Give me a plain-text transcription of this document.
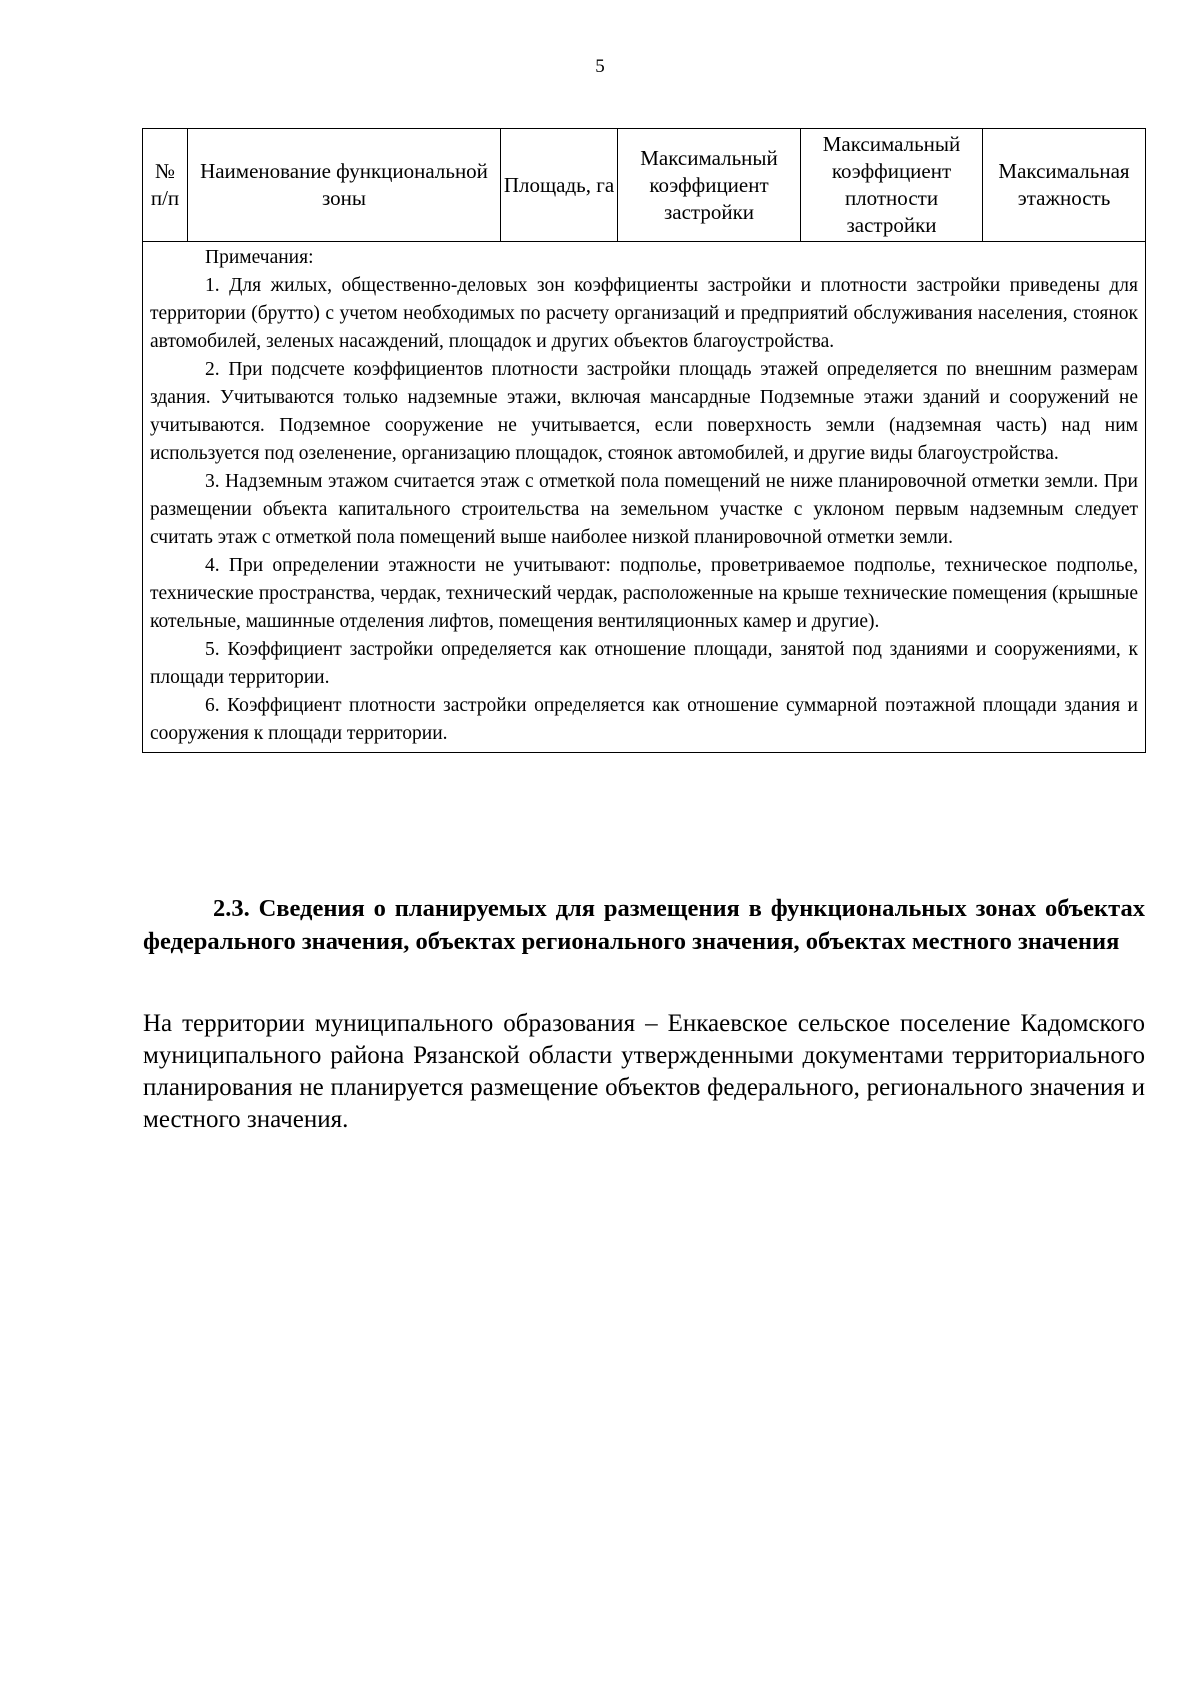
5
№ п/п	Наименование функциональной зоны	Площадь, га	Максимальный коэффициент застройки	Максимальный коэффициент плотности застройки	Максимальная этажность

Примечания:

1. Для жилых, общественно-деловых зон коэффициенты застройки и плотности застройки приведены для территории (брутто) с учетом необходимых по расчету организаций и предприятий обслуживания населения, стоянок автомобилей, зеленых насаждений, площадок и других объектов благоустройства.

2. При подсчете коэффициентов плотности застройки площадь этажей определяется по внешним размерам здания. Учитываются только надземные этажи, включая мансардные Подземные этажи зданий и сооружений не учитываются. Подземное сооружение не учитывается, если поверхность земли (надземная часть) над ним используется под озеленение, организацию площадок, стоянок автомобилей, и другие виды благоустройства.

3. Надземным этажом считается этаж с отметкой пола помещений не ниже планировочной отметки земли. При размещении объекта капитального строительства на земельном участке с уклоном первым надземным следует считать этаж с отметкой пола помещений выше наиболее низкой планировочной отметки земли.

4. При определении этажности не учитывают: подполье, проветриваемое подполье, техническое подполье, технические пространства, чердак, технический чердак, расположенные на крыше технические помещения (крышные котельные, машинные отделения лифтов, помещения вентиляционных камер и другие).

5. Коэффициент застройки определяется как отношение площади, занятой под зданиями и сооружениями, к площади территории.

6. Коэффициент плотности застройки определяется как отношение суммарной поэтажной площади здания и сооружения к площади территории.

2.3. Сведения о планируемых для размещения в функциональных зонах объектах федерального значения, объектах регионального значения, объектах местного значения

На территории муниципального образования – Енкаевское сельское поселение Кадомского муниципального района Рязанской области утвержденными документами территориального планирования не планируется размещение объектов федерального, регионального значения и местного значения.
